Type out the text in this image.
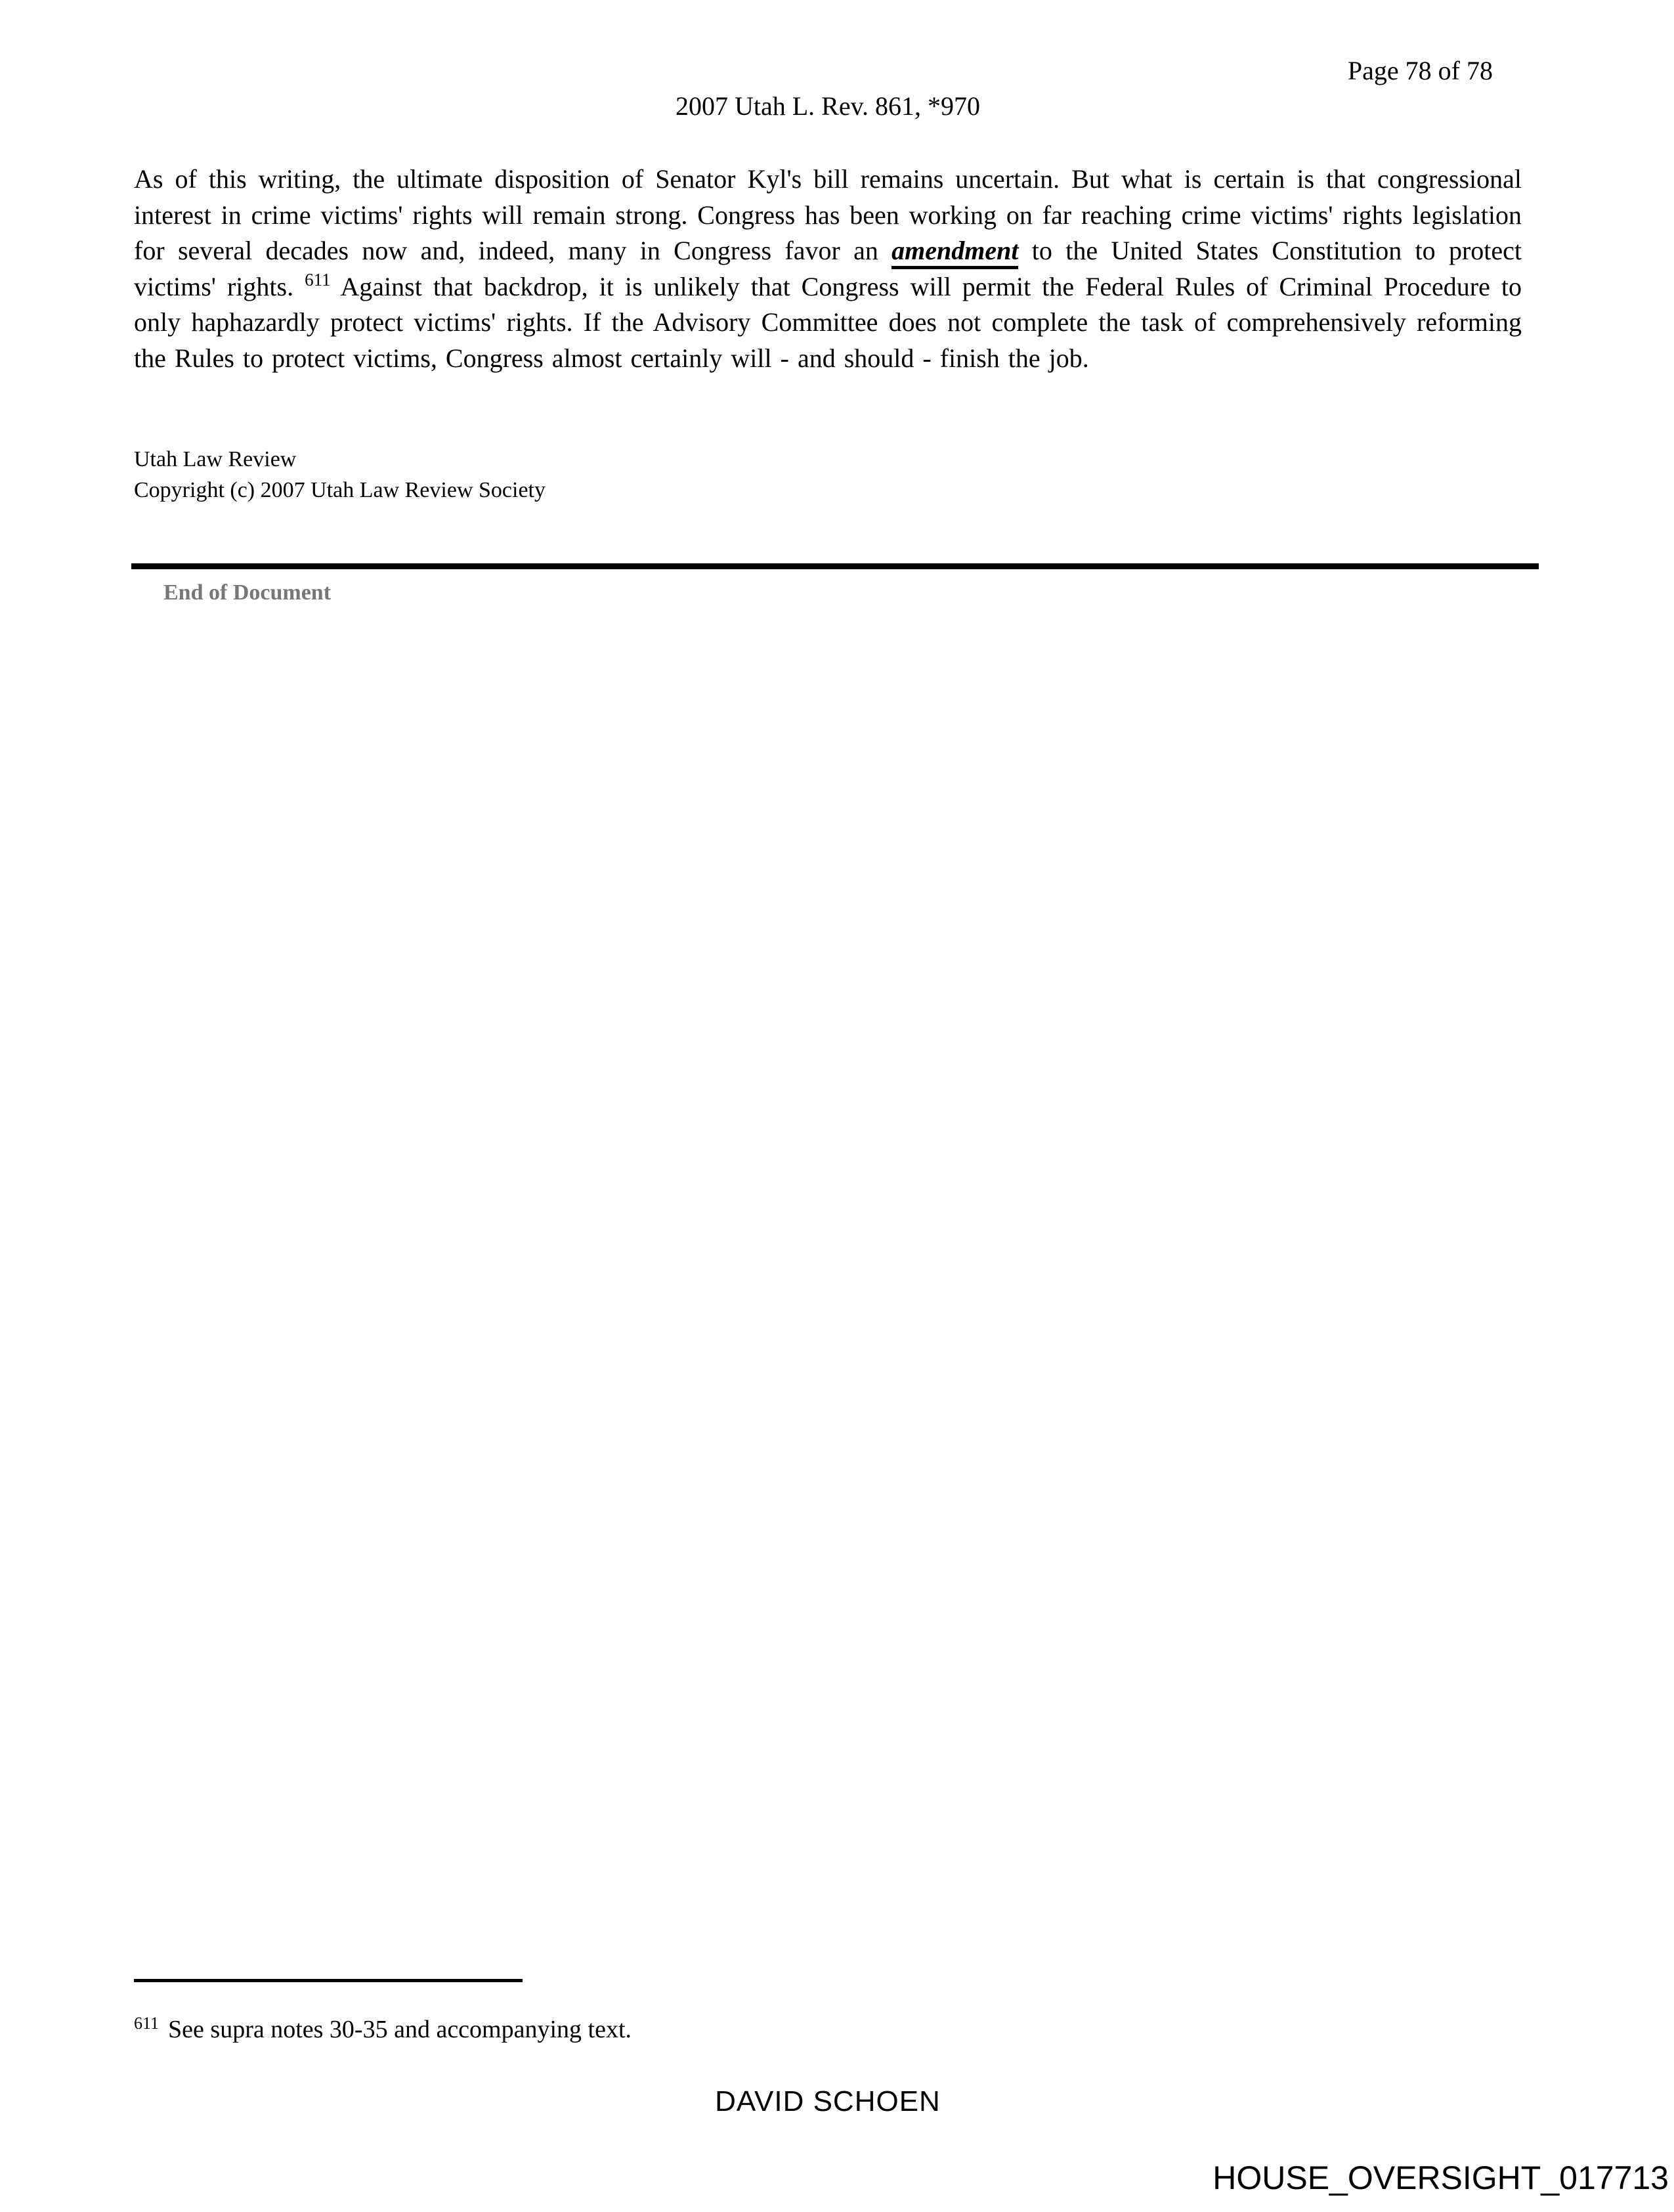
Page 78 of 78
2007 Utah L. Rev. 861, *970
As of this writing, the ultimate disposition of Senator Kyl's bill remains uncertain. But what is certain is that congressional interest in crime victims' rights will remain strong. Congress has been working on far reaching crime victims' rights legislation for several decades now and, indeed, many in Congress favor an amendment to the United States Constitution to protect victims' rights. $^{611}$ Against that backdrop, it is unlikely that Congress will permit the Federal Rules of Criminal Procedure to only haphazardly protect victims' rights. If the Advisory Committee does not complete the task of comprehensively reforming the Rules to protect victims, Congress almost certainly will - and should - finish the job.
Utah Law Review
Copyright (c) 2007 Utah Law Review Society
End of Document
$^{611}$ See supra notes 30-35 and accompanying text.
DAVID SCHOEN
HOUSE_OVERSIGHT_017713
